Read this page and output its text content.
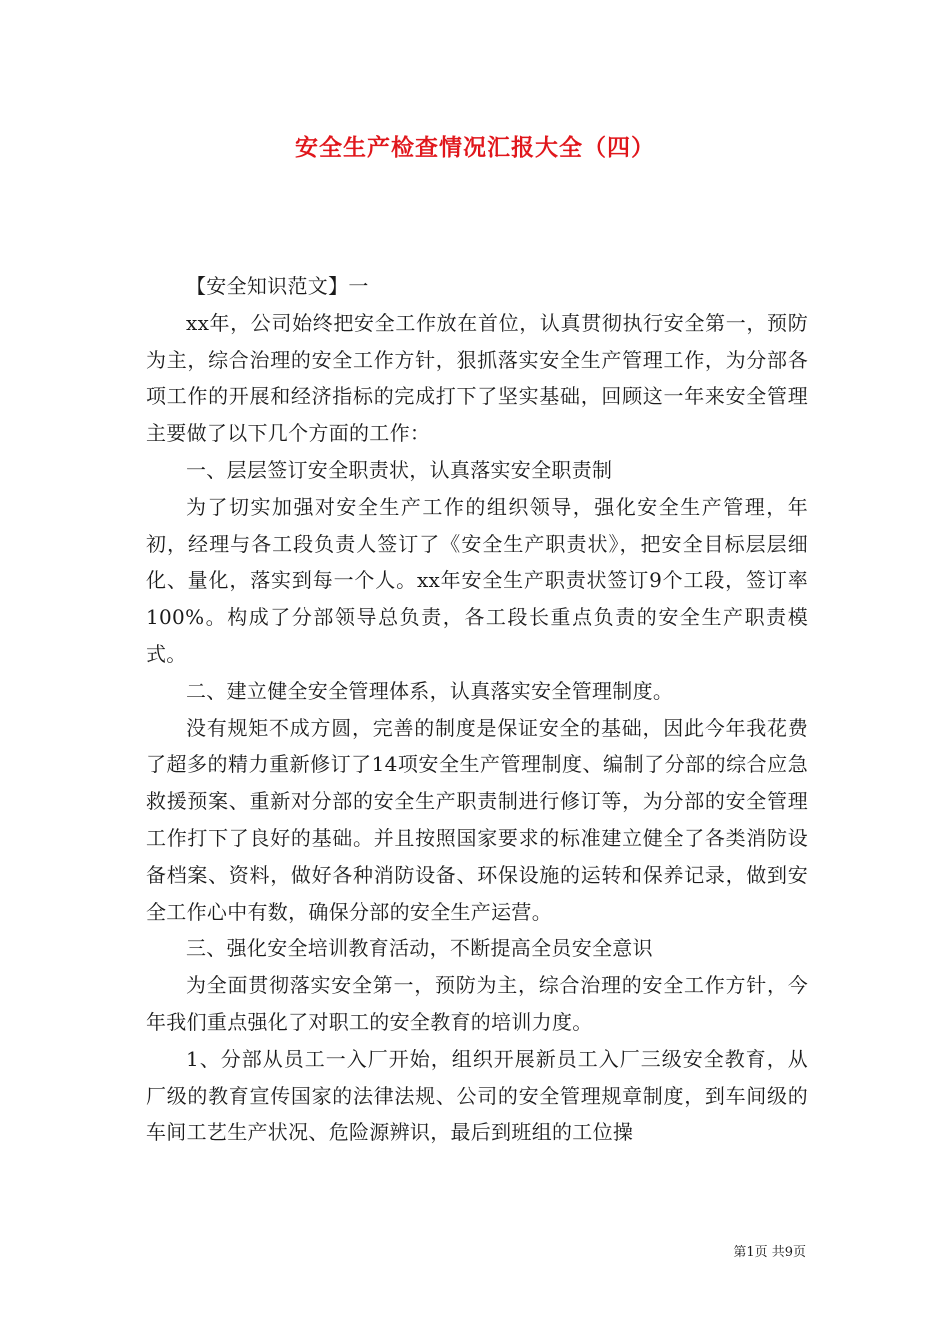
安全生产检查情况汇报大全（四）

【安全知识范文】一

xx年，公司始终把安全工作放在首位，认真贯彻执行安全第一，预防为主，综合治理的安全工作方针，狠抓落实安全生产管理工作，为分部各项工作的开展和经济指标的完成打下了坚实基础，回顾这一年来安全管理主要做了以下几个方面的工作：

一、层层签订安全职责状，认真落实安全职责制

为了切实加强对安全生产工作的组织领导，强化安全生产管理，年初，经理与各工段负责人签订了《安全生产职责状》，把安全目标层层细化、量化，落实到每一个人。xx年安全生产职责状签订9个工段，签订率100%。构成了分部领导总负责，各工段长重点负责的安全生产职责模式。

二、建立健全安全管理体系，认真落实安全管理制度。

没有规矩不成方圆，完善的制度是保证安全的基础，因此今年我花费了超多的精力重新修订了14项安全生产管理制度、编制了分部的综合应急救援预案、重新对分部的安全生产职责制进行修订等，为分部的安全管理工作打下了良好的基础。并且按照国家要求的标准建立健全了各类消防设备档案、资料，做好各种消防设备、环保设施的运转和保养记录，做到安全工作心中有数，确保分部的安全生产运营。

三、强化安全培训教育活动，不断提高全员安全意识

为全面贯彻落实安全第一，预防为主，综合治理的安全工作方针，今年我们重点强化了对职工的安全教育的培训力度。

1、分部从员工一入厂开始，组织开展新员工入厂三级安全教育，从厂级的教育宣传国家的法律法规、公司的安全管理规章制度，到车间级的车间工艺生产状况、危险源辨识，最后到班组的工位操

第1页 共9页
